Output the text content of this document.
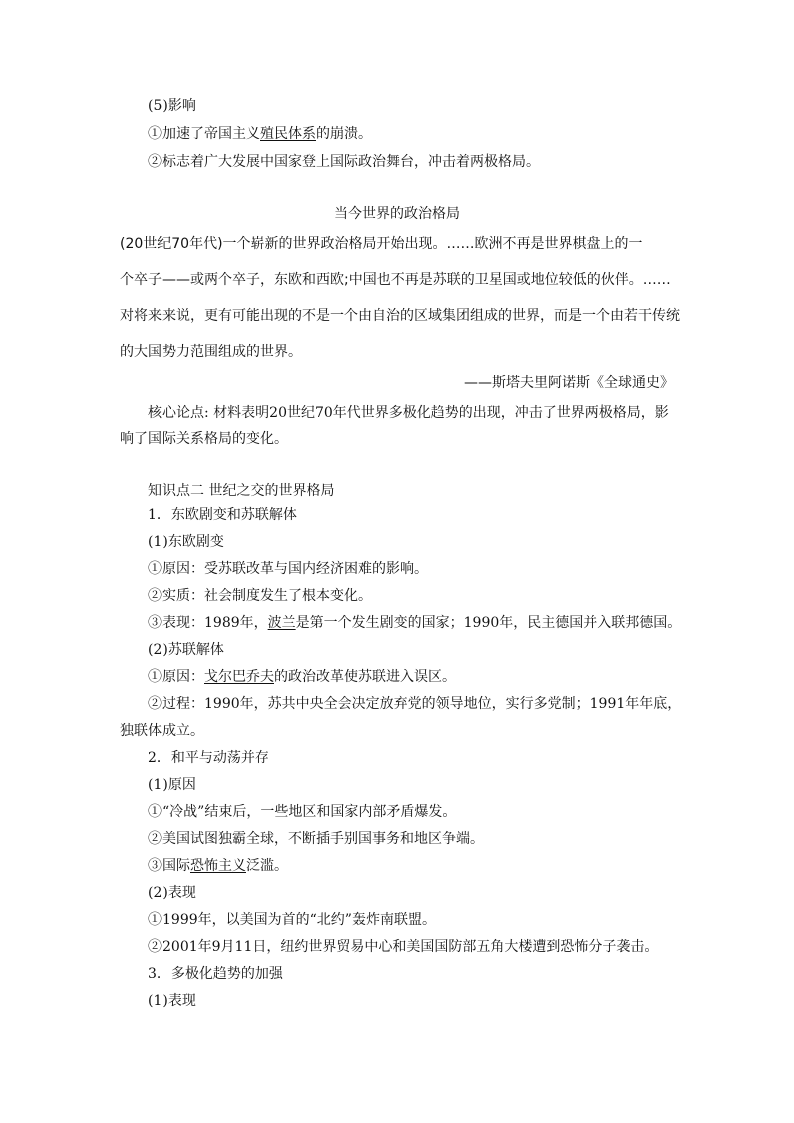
(5)影响
①加速了帝国主义殖民体系的崩溃。
②标志着广大发展中国家登上国际政治舞台，冲击着两极格局。
当今世界的政治格局
(20世纪70年代)一个崭新的世界政治格局开始出现。……欧洲不再是世界棋盘上的一
个卒子——或两个卒子，东欧和西欧;中国也不再是苏联的卫星国或地位较低的伙伴。……
对将来来说，更有可能出现的不是一个由自治的区域集团组成的世界，而是一个由若干传统
的大国势力范围组成的世界。
——斯塔夫里阿诺斯《全球通史》
核心论点: 材料表明20世纪70年代世界多极化趋势的出现，冲击了世界两极格局，影
响了国际关系格局的变化。
知识点二 世纪之交的世界格局
1．东欧剧变和苏联解体
(1)东欧剧变
①原因：受苏联改革与国内经济困难的影响。
②实质：社会制度发生了根本变化。
③表现：1989年，波兰是第一个发生剧变的国家；1990年，民主德国并入联邦德国。
(2)苏联解体
①原因：戈尔巴乔夫的政治改革使苏联进入误区。
②过程：1990年，苏共中央全会决定放弃党的领导地位，实行多党制；1991年年底，
独联体成立。
2．和平与动荡并存
(1)原因
①“冷战”结束后，一些地区和国家内部矛盾爆发。
②美国试图独霸全球，不断插手别国事务和地区争端。
③国际恐怖主义泛滥。
(2)表现
①1999年，以美国为首的“北约”轰炸南联盟。
②2001年9月11日，纽约世界贸易中心和美国国防部五角大楼遭到恐怖分子袭击。
3．多极化趋势的加强
(1)表现
